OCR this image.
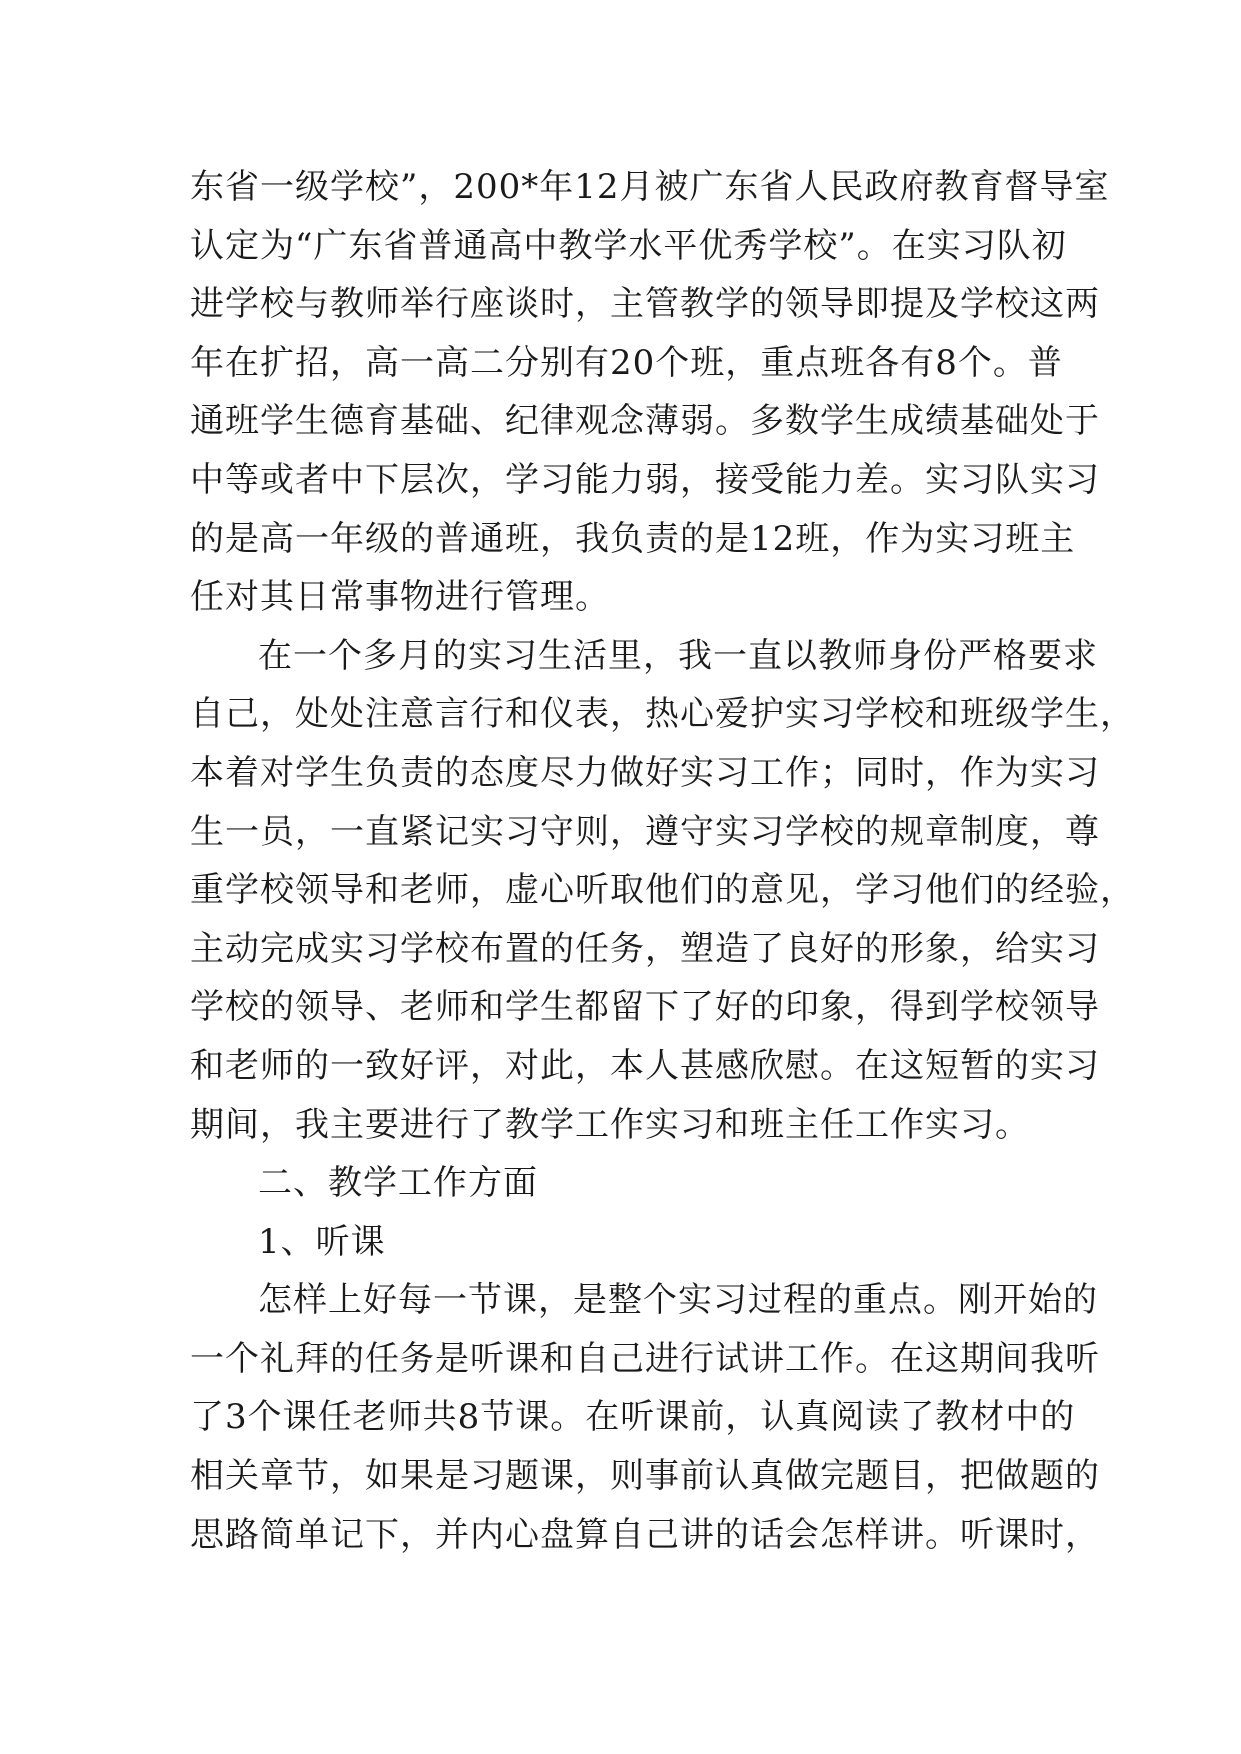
东省一级学校”，200*年12月被广东省人民政府教育督导室
认定为“广东省普通高中教学水平优秀学校”。在实习队初
进学校与教师举行座谈时，主管教学的领导即提及学校这两
年在扩招，高一高二分别有20个班，重点班各有8个。普
通班学生德育基础、纪律观念薄弱。多数学生成绩基础处于
中等或者中下层次，学习能力弱，接受能力差。实习队实习
的是高一年级的普通班，我负责的是12班，作为实习班主
任对其日常事物进行管理。
在一个多月的实习生活里，我一直以教师身份严格要求
自己，处处注意言行和仪表，热心爱护实习学校和班级学生，
本着对学生负责的态度尽力做好实习工作；同时，作为实习
生一员，一直紧记实习守则，遵守实习学校的规章制度，尊
重学校领导和老师，虚心听取他们的意见，学习他们的经验，
主动完成实习学校布置的任务，塑造了良好的形象，给实习
学校的领导、老师和学生都留下了好的印象，得到学校领导
和老师的一致好评，对此，本人甚感欣慰。在这短暂的实习
期间，我主要进行了教学工作实习和班主任工作实习。
二、教学工作方面
1、听课
怎样上好每一节课，是整个实习过程的重点。刚开始的
一个礼拜的任务是听课和自己进行试讲工作。在这期间我听
了3个课任老师共8节课。在听课前，认真阅读了教材中的
相关章节，如果是习题课，则事前认真做完题目，把做题的
思路简单记下，并内心盘算自己讲的话会怎样讲。听课时，
